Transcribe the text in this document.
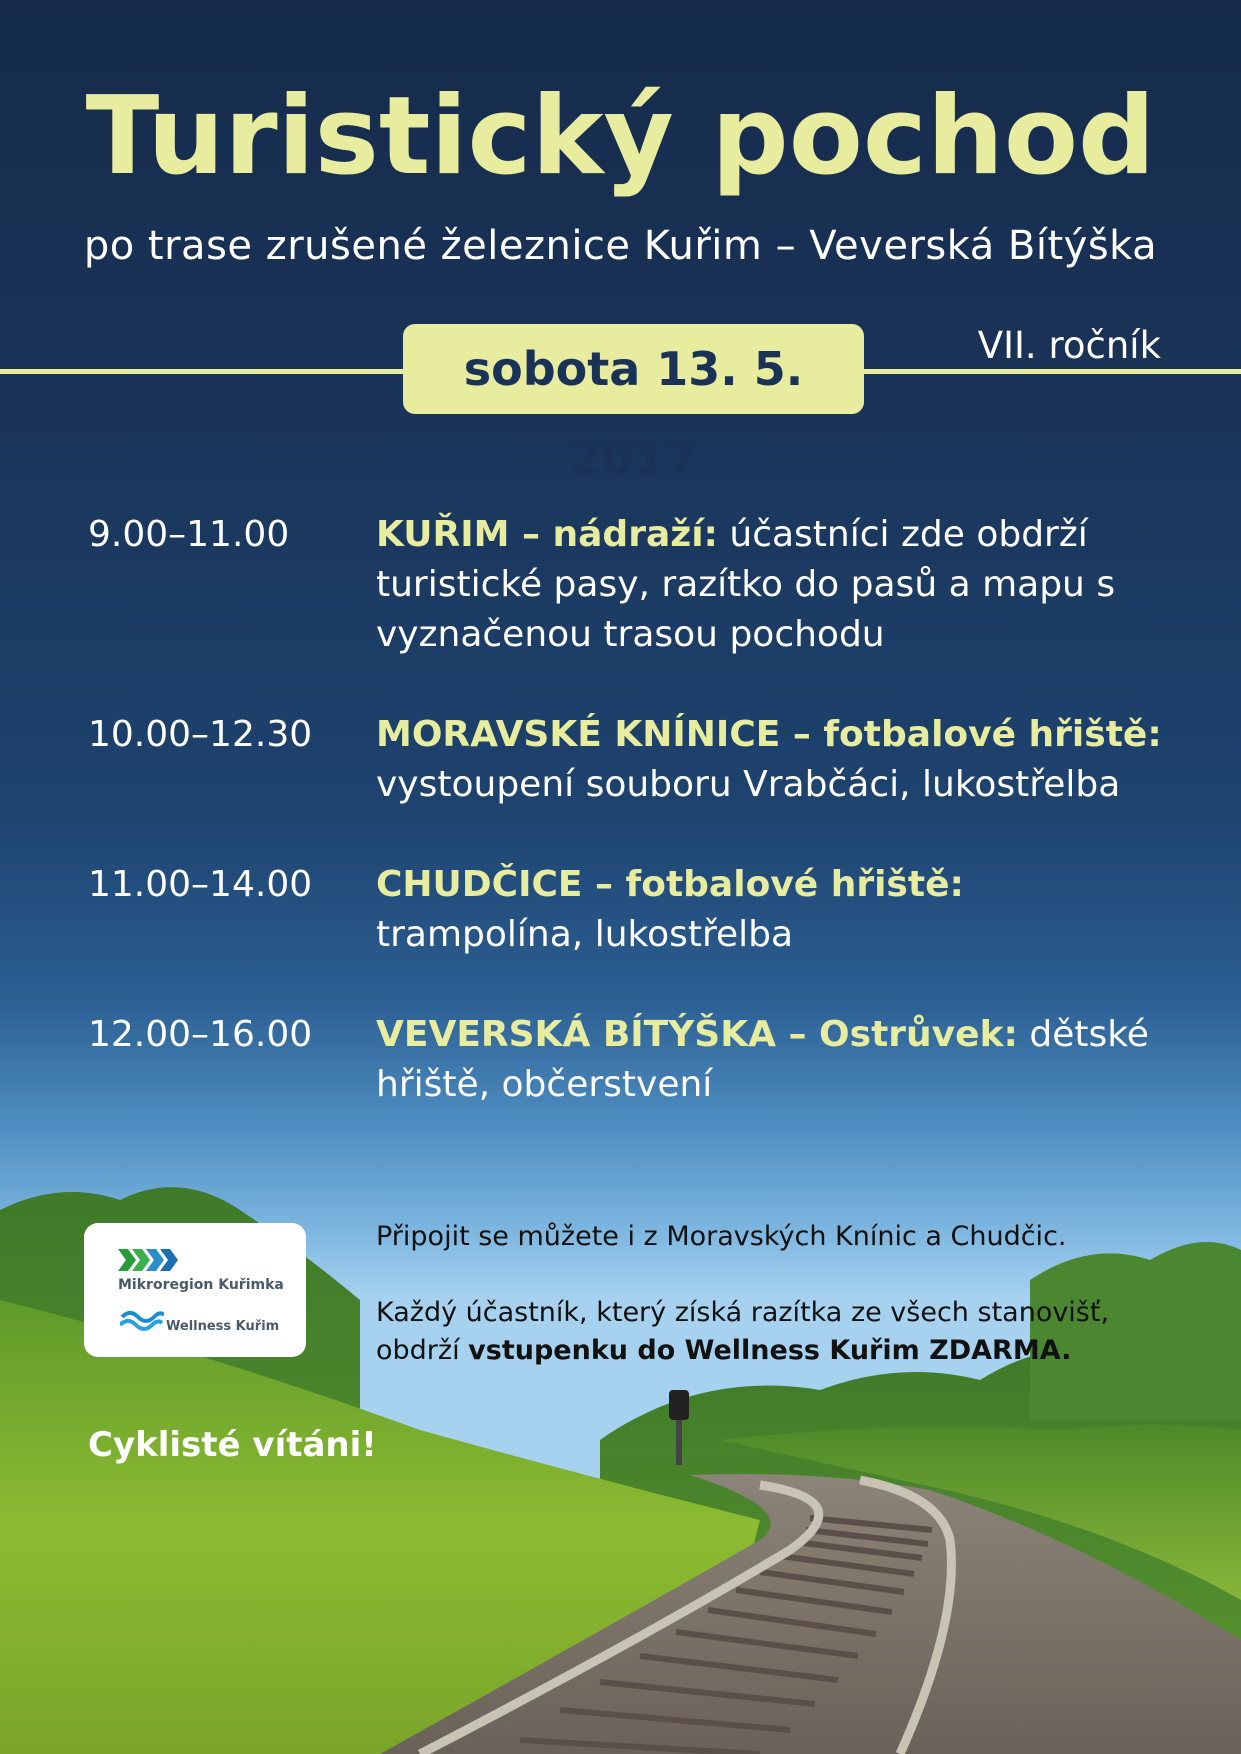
Turistický pochod
po trase zrušené železnice Kuřim – Veverská Bítýška
sobota 13. 5. 2017
VII. ročník
9.00–11.00 KUŘIM – nádraží: účastníci zde obdrží turistické pasy, razítko do pasů a mapu s vyznačenou trasou pochodu
10.00–12.30 MORAVSKÉ KNÍNICE – fotbalové hřiště: vystoupení souboru Vrabčáci, lukostřelba
11.00–14.00 CHUDČICE – fotbalové hřiště: trampolína, lukostřelba
12.00–16.00 VEVERSKÁ BÍTÝŠKA – Ostrůvek: dětské hřiště, občerstvení
Mikroregion Kuřimka
Wellness Kuřim
Připojit se můžete i z Moravských Knínic a Chudčic.
Každý účastník, který získá razítka ze všech stanovišť, obdrží vstupenku do Wellness Kuřim ZDARMA.
Cyklisté vítáni!
